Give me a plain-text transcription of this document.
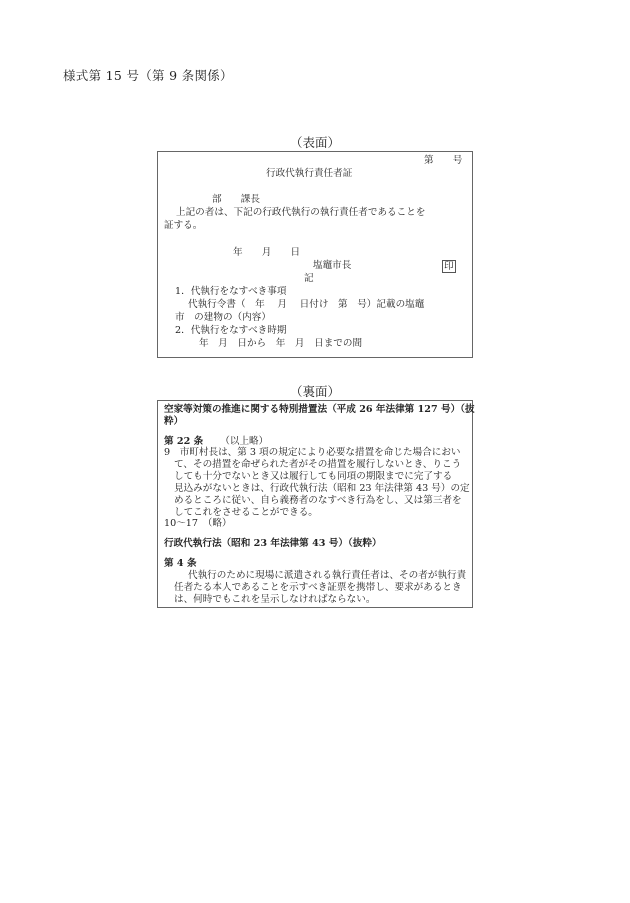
様式第 15 号（第 9 条関係）
（表面）
第　　号
行政代執行責任者証
部　　課長
上記の者は、下記の行政代執行の執行責任者であることを
証する。
年　　月　　日
塩竈市長	印
記
1．代執行をなすべき事項
代執行令書（　年　 月　 日付け　第　号）記載の塩竈
市　の建物の（内容）
2．代執行をなすべき時期
年　月　日から　年　月　日までの間
（裏面）
空家等対策の推進に関する特別措置法（平成 26 年法律第 127 号）（抜
粋）
第 22 条 （以上略）
9　市町村長は、第 3 項の規定により必要な措置を命じた場合におい
て、その措置を命ぜられた者がその措置を履行しないとき、りこう
しても十分でないとき又は履行しても同項の期限までに完了する
見込みがないときは、行政代執行法（昭和 23 年法律第 43 号）の定
めるところに従い、自ら義務者のなすべき行為をし、又は第三者を
してこれをさせることができる。
10〜17　（略）
行政代執行法（昭和 23 年法律第 43 号）（抜粋）
第 4 条
代執行のために現場に派遣される執行責任者は、その者が執行責
任者たる本人であることを示すべき証票を携帯し、要求があるとき
は、何時でもこれを呈示しなければならない。
